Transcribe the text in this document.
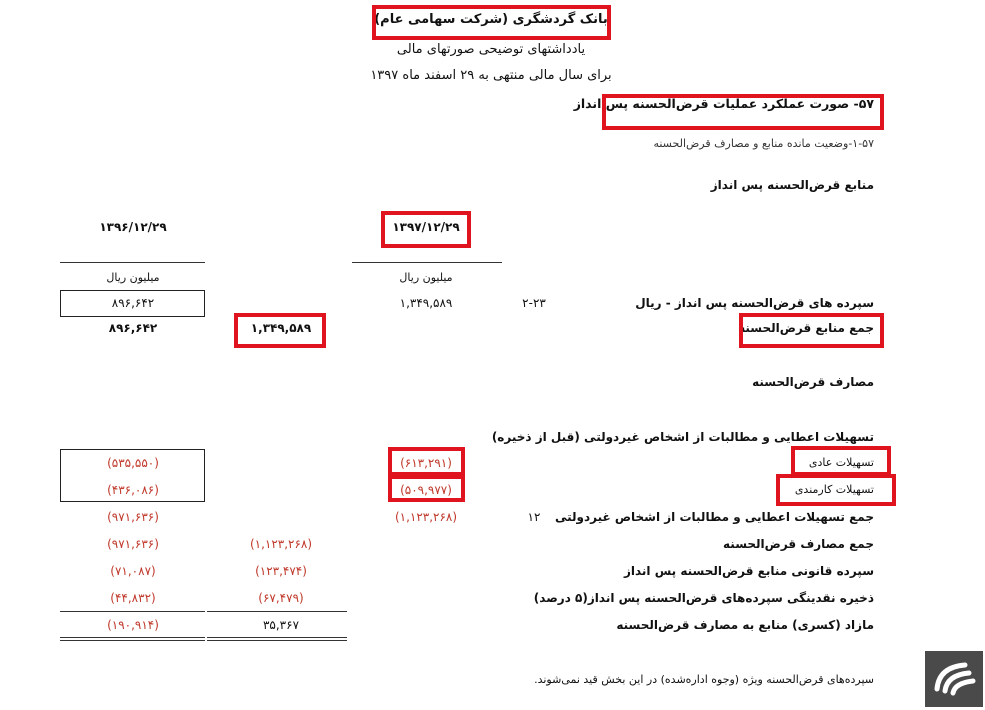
بانک گردشگری (شرکت سهامی عام)
یادداشتهای توضیحی صورتهای مالی
برای سال مالی منتهی به ۲۹ اسفند ماه ۱۳۹۷
۵۷- صورت عملکرد عملیات قرض‌الحسنه پس انداز
۱-۵۷-وضعیت مانده منابع و مصارف قرض‌الحسنه
منابع قرض‌الحسنه پس انداز
۱۳۹۶/۱۲/۲۹	۱۳۹۷/۱۲/۲۹
میلیون ریال	میلیون ریال
۸۹۶,۶۴۲	۱,۳۴۹,۵۸۹	۲-۲۳	سپرده های قرض‌الحسنه پس انداز - ریال
۸۹۶,۶۴۲	۱,۳۴۹,۵۸۹	جمع منابع قرض‌الحسنه
مصارف قرض‌الحسنه
تسهیلات اعطایی و مطالبات از اشخاص غیردولتی (قبل از ذخیره)
(۵۳۵,۵۵۰)	(۶۱۳,۲۹۱)	تسهیلات عادی
(۴۳۶,۰۸۶)	(۵۰۹,۹۷۷)	تسهیلات کارمندی
(۹۷۱,۶۳۶)	(۱,۱۲۳,۲۶۸)	۱۲ جمع تسهیلات اعطایی و مطالبات از اشخاص غیردولتی
(۹۷۱,۶۳۶)	(۱,۱۲۳,۲۶۸)	جمع مصارف قرض‌الحسنه
(۷۱,۰۸۷)	(۱۲۳,۴۷۴)	سپرده قانونی منابع قرض‌الحسنه پس انداز
(۴۴,۸۳۲)	(۶۷,۴۷۹)	ذخیره نقدینگی سپرده‌های قرض‌الحسنه پس انداز(۵ درصد)
(۱۹۰,۹۱۴)	۳۵,۳۶۷	مازاد (کسری) منابع به مصارف قرض‌الحسنه
سپرده‌های قرض‌الحسنه ویژه (وجوه اداره‌شده) در این بخش قید نمی‌شوند.
